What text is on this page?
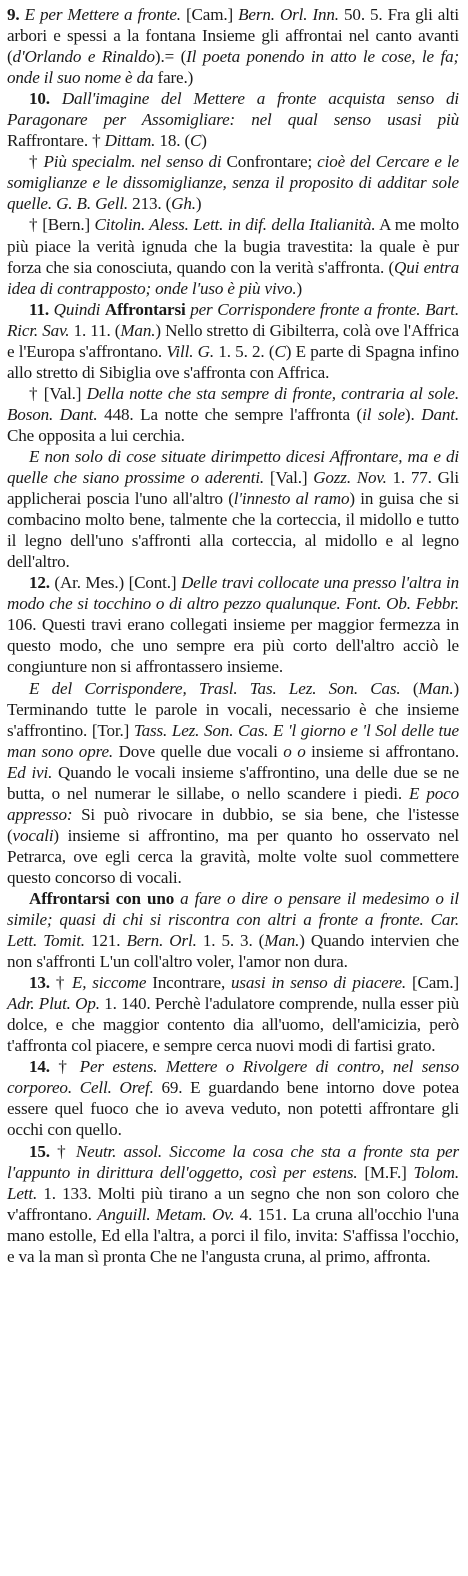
9. E per Mettere a fronte. [Cam.] Bern. Orl. Inn. 50. 5. Fra gli alti arbori e spessi a la fontana Insieme gli affrontai nel canto avanti (d'Orlando e Rinaldo).= (Il poeta ponendo in atto le cose, le fa; onde il suo nome è da fare.)

10. Dall'imagine del Mettere a fronte acquista senso di Paragonare per Assomigliare: nel qual senso usasi più Raffrontare. † Dittam. 18. (C)

† Più specialm. nel senso di Confrontare; cioè del Cercare e le somiglianze e le dissomiglianze, senza il proposito di additar sole quelle. G. B. Gell. 213. (Gh.)

† [Bern.] Citolin. Aless. Lett. in dif. della Italianità. A me molto più piace la verità ignuda che la bugia travestita: la quale è pur forza che sia conosciuta, quando con la verità s'affronta. (Qui entra idea di contrapposto; onde l'uso è più vivo.)

11. Quindi Affrontarsi per Corrispondere fronte a fronte. Bart. Ricr. Sav. 1. 11. (Man.) Nello stretto di Gibilterra, colà ove l'Affrica e l'Europa s'affrontano. Vill. G. 1. 5. 2. (C) E parte di Spagna infino allo stretto di Sibiglia ove s'affronta con Affrica.

† [Val.] Della notte che sta sempre di fronte, contraria al sole. Boson. Dant. 448. La notte che sempre l'affronta (il sole). Dant. Che opposita a lui cerchia.

E non solo di cose situate dirimpetto dicesi Affrontare, ma e di quelle che siano prossime o aderenti. [Val.] Gozz. Nov. 1. 77. Gli applicherai poscia l'uno all'altro (l'innesto al ramo) in guisa che si combacino molto bene, talmente che la corteccia, il midollo e tutto il legno dell'uno s'affronti alla corteccia, al midollo e al legno dell'altro.

12. (Ar. Mes.) [Cont.] Delle travi collocate una presso l'altra in modo che si tocchino o di altro pezzo qualunque. Font. Ob. Febbr. 106. Questi travi erano collegati insieme per maggior fermezza in questo modo, che uno sempre era più corto dell'altro acciò le congiunture non si affrontassero insieme.

E del Corrispondere, Trasl. Tas. Lez. Son. Cas. (Man.) Terminando tutte le parole in vocali, necessario è che insieme s'affrontino. [Tor.] Tass. Lez. Son. Cas. E 'l giorno e 'l Sol delle tue man sono opre. Dove quelle due vocali o o insieme si affrontano. Ed ivi. Quando le vocali insieme s'affrontino, una delle due se ne butta, o nel numerar le sillabe, o nello scandere i piedi. E poco appresso: Si può rivocare in dubbio, se sia bene, che l'istesse (vocali) insieme si affrontino, ma per quanto ho osservato nel Petrarca, ove egli cerca la gravità, molte volte suol commettere questo concorso di vocali.

Affrontarsi con uno a fare o dire o pensare il medesimo o il simile; quasi di chi si riscontra con altri a fronte a fronte. Car. Lett. Tomit. 121. Bern. Orl. 1. 5. 3. (Man.) Quando intervien che non s'affronti L'un coll'altro voler, l'amor non dura.

13. † E, siccome Incontrare, usasi in senso di piacere. [Cam.] Adr. Plut. Op. 1. 140. Perchè l'adulatore comprende, nulla esser più dolce, e che maggior contento dia all'uomo, dell'amicizia, però t'affronta col piacere, e sempre cerca nuovi modi di fartisi grato.

14. † Per estens. Mettere o Rivolgere di contro, nel senso corporeo. Cell. Oref. 69. E guardando bene intorno dove potea essere quel fuoco che io aveva veduto, non potetti affrontare gli occhi con quello.

15. † Neutr. assol. Siccome la cosa che sta a fronte sta per l'appunto in dirittura dell'oggetto, così per estens. [M.F.] Tolom. Lett. 1. 133. Molti più tirano a un segno che non son coloro che v'affrontano. Anguill. Metam. Ov. 4. 151. La cruna all'occhio l'una mano estolle, Ed ella l'altra, a porci il filo, invita: S'affissa l'occhio, e va la man sì pronta Che ne l'angusta cruna, al primo, affronta.
